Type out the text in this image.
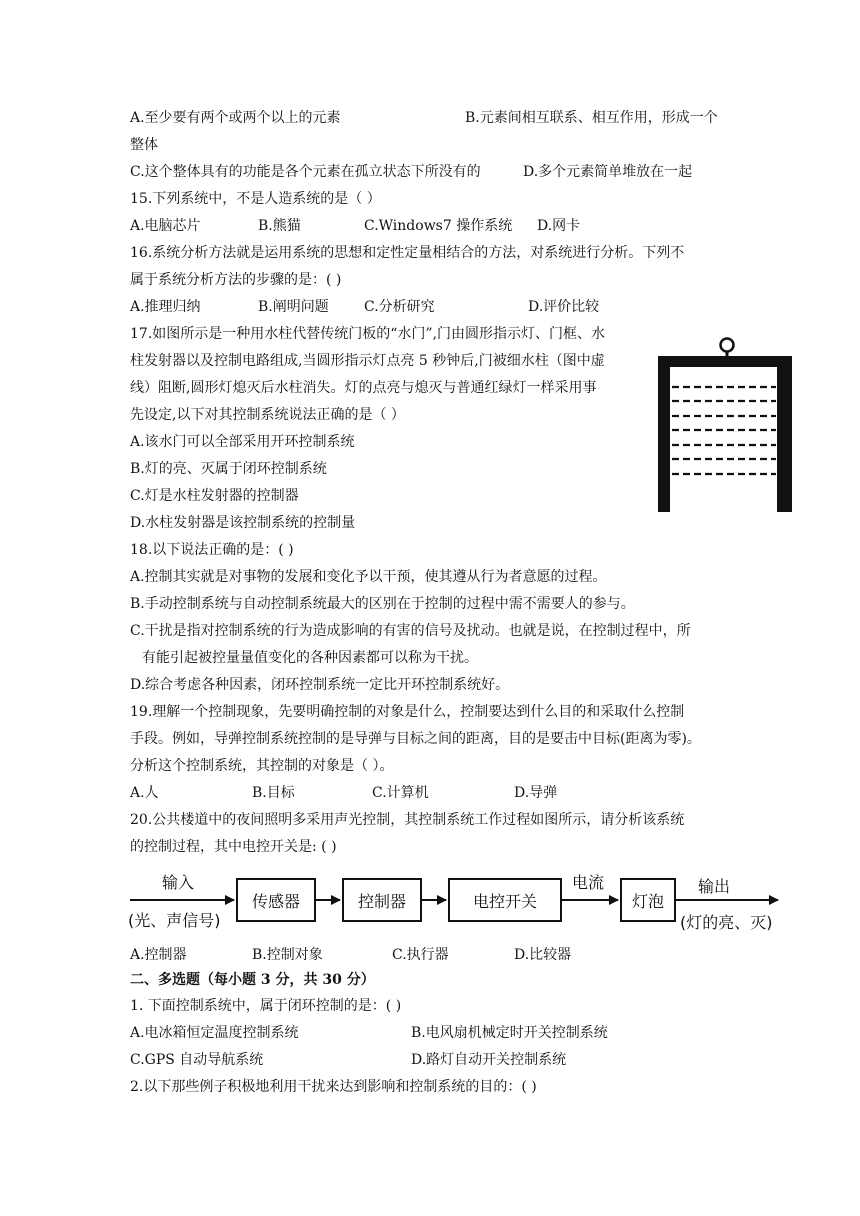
A.至少要有两个或两个以上的元素	B.元素间相互联系、相互作用，形成一个
整体
C.这个整体具有的功能是各个元素在孤立状态下所没有的	D.多个元素简单堆放在一起
15.下列系统中，不是人造系统的是（ ）
A.电脑芯片	B.熊猫	C.Windows7 操作系统 D.网卡
16.系统分析方法就是运用系统的思想和定性定量相结合的方法，对系统进行分析。下列不
属于系统分析方法的步骤的是：( )
A.推理归纳	B.阐明问题	C.分析研究	D.评价比较
17.如图所示是一种用水柱代替传统门板的“水门”,门由圆形指示灯、门框、水
柱发射器以及控制电路组成,当圆形指示灯点亮 5 秒钟后,门被细水柱（图中虚
线）阻断,圆形灯熄灭后水柱消失。灯的点亮与熄灭与普通红绿灯一样采用事
先设定,以下对其控制系统说法正确的是（ ）
A.该水门可以全部采用开环控制系统
B.灯的亮、灭属于闭环控制系统
C.灯是水柱发射器的控制器
D.水柱发射器是该控制系统的控制量
18.以下说法正确的是：( )
A.控制其实就是对事物的发展和变化予以干预，使其遵从行为者意愿的过程。
B.手动控制系统与自动控制系统最大的区别在于控制的过程中需不需要人的参与。
C.干扰是指对控制系统的行为造成影响的有害的信号及扰动。也就是说，在控制过程中，所
有能引起被控量量值变化的各种因素都可以称为干扰。
D.综合考虑各种因素，闭环控制系统一定比开环控制系统好。
19.理解一个控制现象，先要明确控制的对象是什么，控制要达到什么目的和采取什么控制
手段。例如，导弹控制系统控制的是导弹与目标之间的距离，目的是要击中目标(距离为零)。
分析这个控制系统，其控制的对象是（ ）。
A.人	B.目标	C.计算机	D.导弹
20.公共楼道中的夜间照明多采用声光控制，其控制系统工作过程如图所示，请分析该系统
的控制过程，其中电控开关是: ( )
输入
(光、声信号)
传感器	控制器	电控开关
电流
灯泡
输出
(灯的亮、灭)
A.控制器	B.控制对象	C.执行器	D.比较器
二、多选题（每小题 3 分，共 30 分）
1. 下面控制系统中，属于闭环控制的是：( )
A.电冰箱恒定温度控制系统	B.电风扇机械定时开关控制系统
C.GPS 自动导航系统	D.路灯自动开关控制系统
2.以下那些例子积极地利用干扰来达到影响和控制系统的目的：( )
